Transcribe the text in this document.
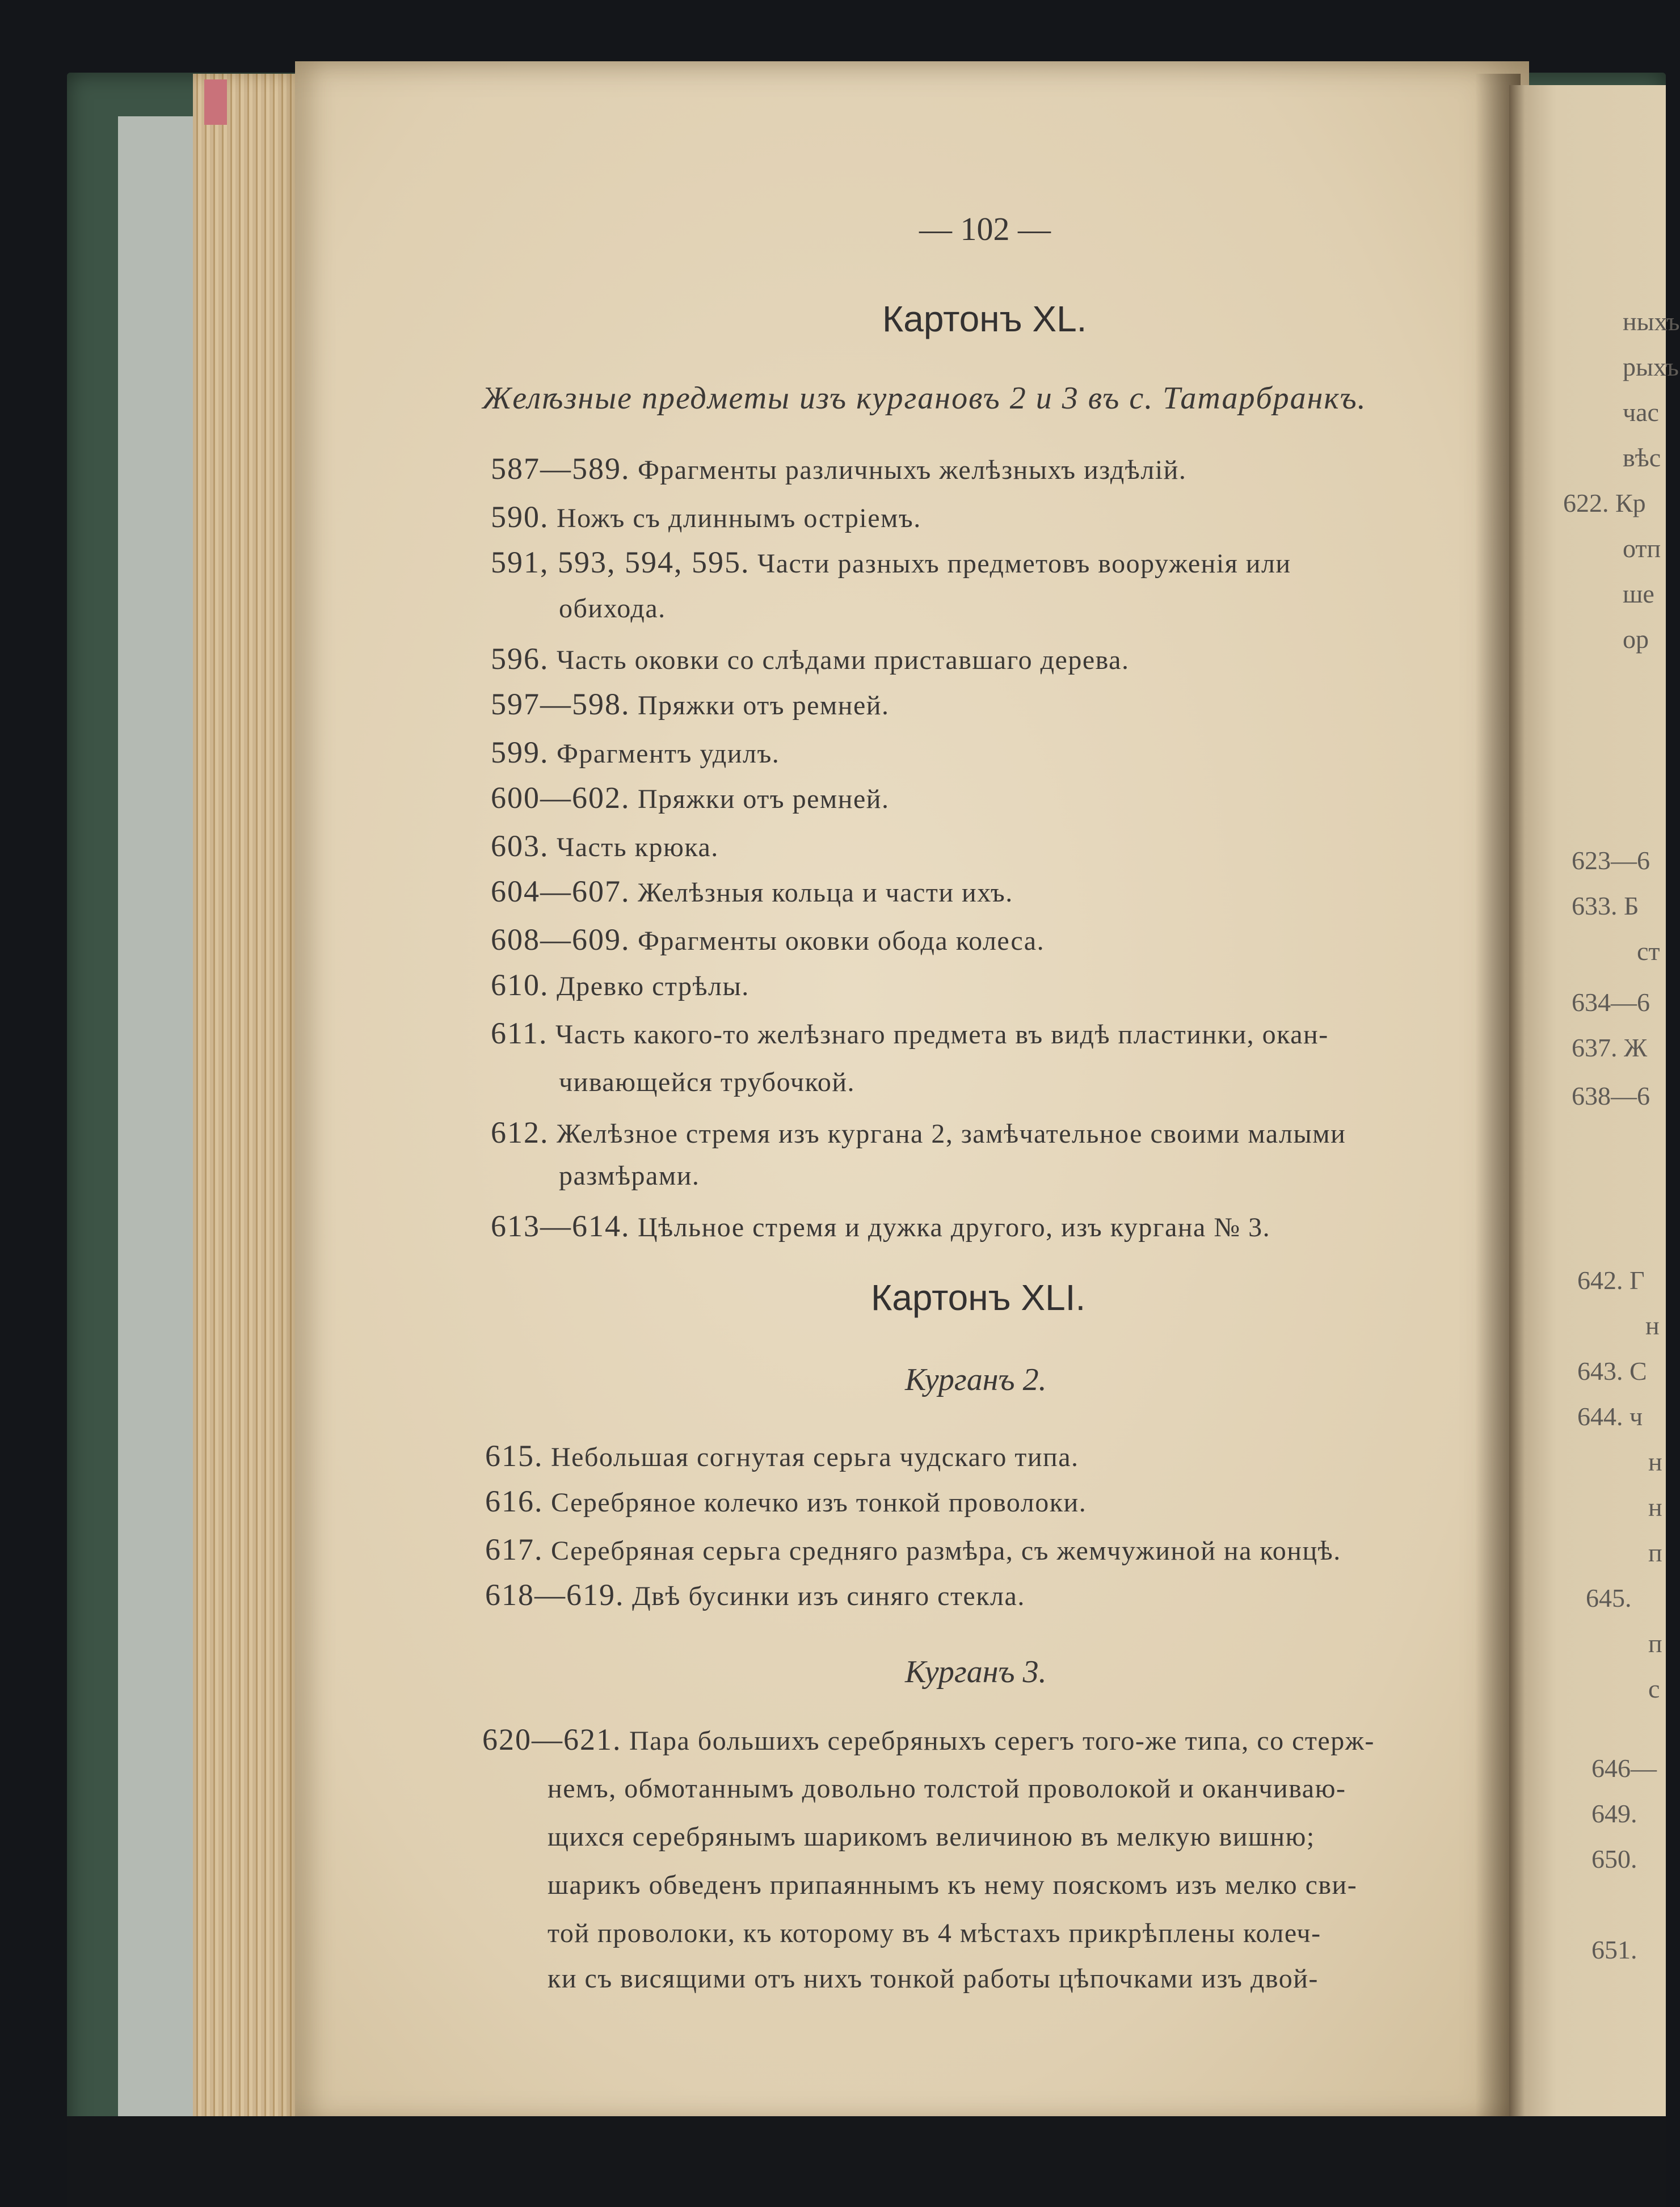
— 102 —
Картонъ XL.
Желѣзные предметы изъ кургановъ 2 и 3 въ с. Татарбранкъ.
587—589. Фрагменты различныхъ желѣзныхъ издѣлій.
590. Ножъ съ длиннымъ остріемъ.
591, 593, 594, 595. Части разныхъ предметовъ вооруженія или
обихода.
596. Часть оковки со слѣдами приставшаго дерева.
597—598. Пряжки отъ ремней.
599. Фрагментъ удилъ.
600—602. Пряжки отъ ремней.
603. Часть крюка.
604—607. Желѣзныя кольца и части ихъ.
608—609. Фрагменты оковки обода колеса.
610. Древко стрѣлы.
611. Часть какого-то желѣзнаго предмета въ видѣ пластинки, окан-
чивающейся трубочкой.
612. Желѣзное стремя изъ кургана 2, замѣчательное своими малыми
размѣрами.
613—614. Цѣльное стремя и дужка другого, изъ кургана № 3.
Картонъ XLI.
Курганъ 2.
615. Небольшая согнутая серьга чудскаго типа.
616. Серебряное колечко изъ тонкой проволоки.
617. Серебряная серьга средняго размѣра, съ жемчужиной на концѣ.
618—619. Двѣ бусинки изъ синяго стекла.
Курганъ 3.
620—621. Пара большихъ серебряныхъ серегъ того-же типа, со стерж-
немъ, обмотаннымъ довольно толстой проволокой и оканчиваю-
щихся серебрянымъ шарикомъ величиною въ мелкую вишню;
шарикъ обведенъ припаяннымъ къ нему пояскомъ изъ мелко сви-
той проволоки, къ которому въ 4 мѣстахъ прикрѣплены колеч-
ки съ висящими отъ нихъ тонкой работы цѣпочками изъ двой-
ныхъ
рыхъ
час
вѣс
622. Кр
отп
ше
ор
623—6
633. Б
ст
634—6
637. Ж
638—6
642. Г
н
643. С
644. ч
н
н
п
645.
п
с
646—
649.
650.
651.
